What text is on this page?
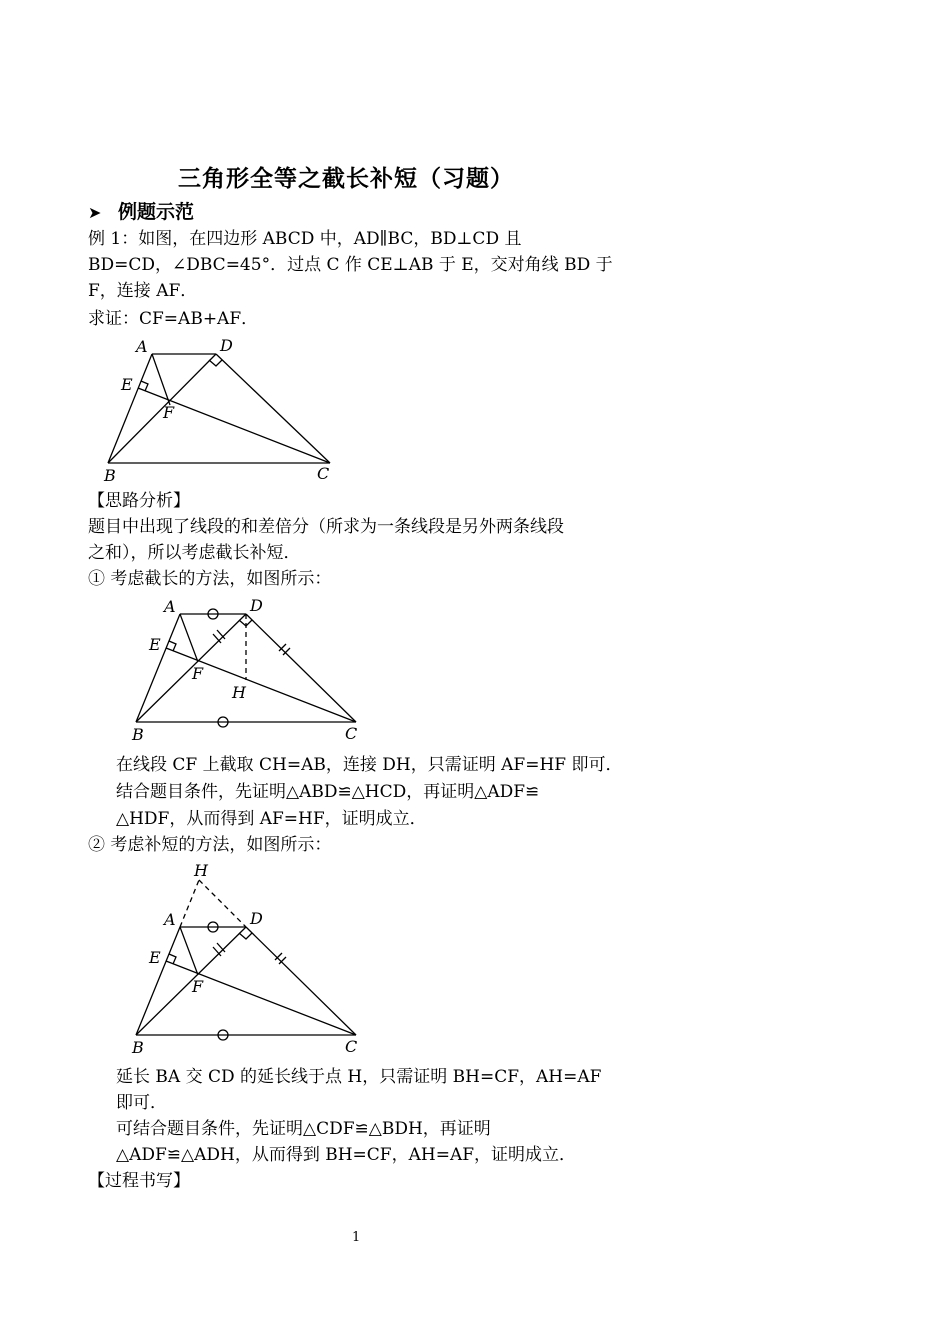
三角形全等之截长补短（习题）
➤ 例题示范
例 1：如图，在四边形 ABCD 中，AD∥BC，BD⊥CD 且
BD=CD，∠DBC=45°．过点 C 作 CE⊥AB 于 E，交对角线 BD 于
F，连接 AF．
求证：CF=AB+AF．
A	D
E
F
B	C
【思路分析】
题目中出现了线段的和差倍分（所求为一条线段是另外两条线段
之和），所以考虑截长补短．
① 考虑截长的方法，如图所示：
A	D
E
F
H
B	C
在线段 CF 上截取 CH=AB，连接 DH，只需证明 AF=HF 即可．
结合题目条件，先证明△ABD≌△HCD，再证明△ADF≌
△HDF，从而得到 AF=HF，证明成立．
② 考虑补短的方法，如图所示：
H
A	D
E
F
B	C
延长 BA 交 CD 的延长线于点 H，只需证明 BH=CF，AH=AF
即可．
可结合题目条件，先证明△CDF≌△BDH，再证明
△ADF≌△ADH，从而得到 BH=CF，AH=AF，证明成立．
【过程书写】
1
